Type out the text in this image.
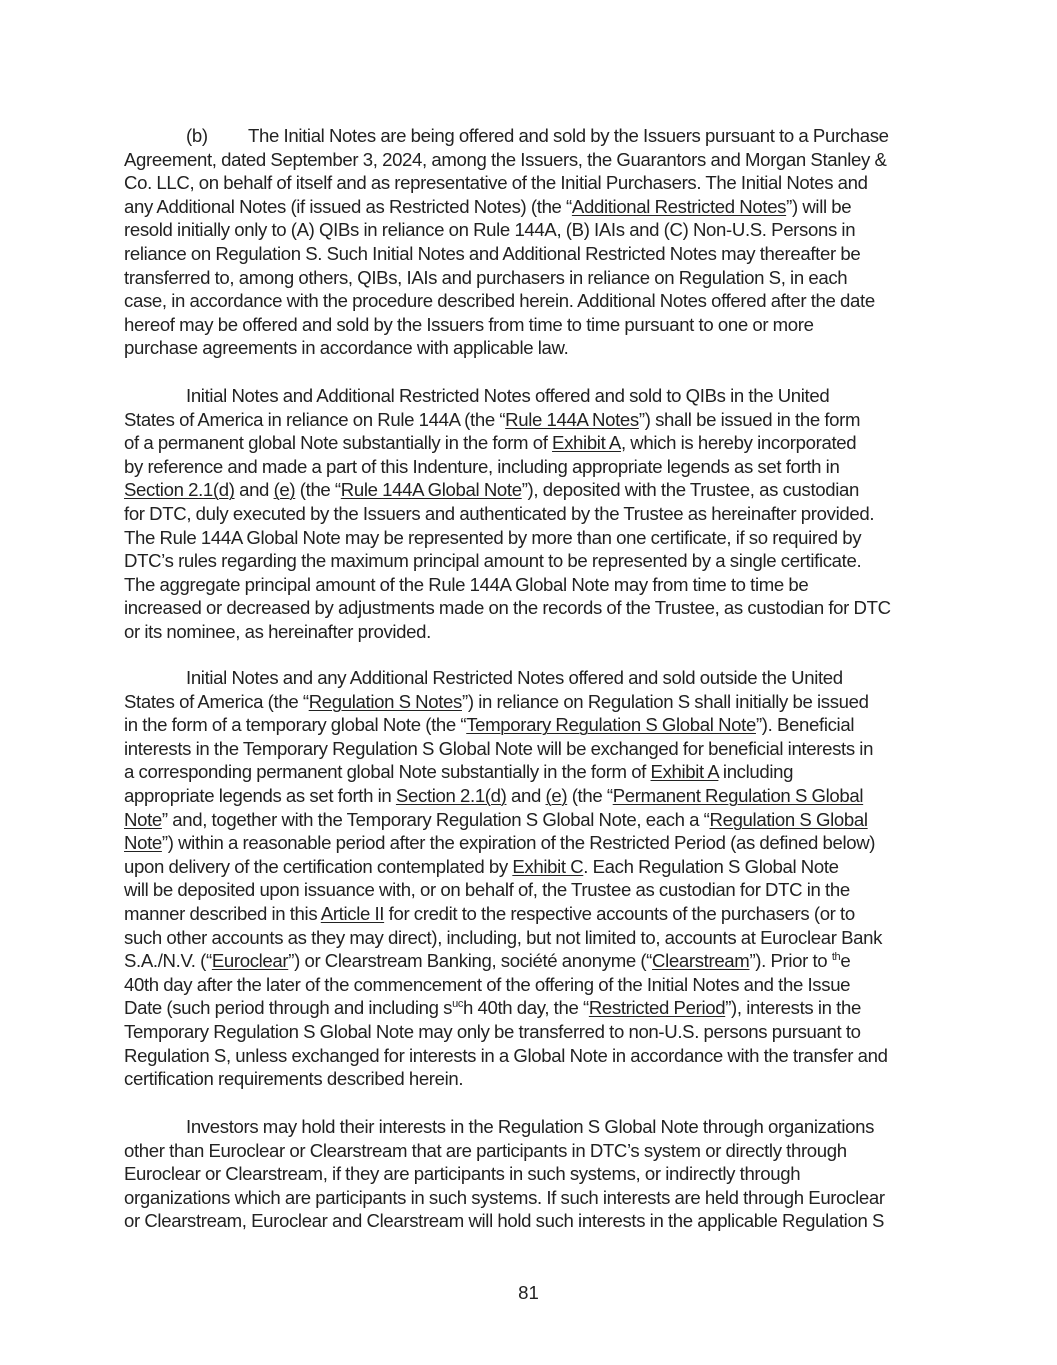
(b) The Initial Notes are being offered and sold by the Issuers pursuant to a Purchase
Agreement, dated September 3, 2024, among the Issuers, the Guarantors and Morgan Stanley &
Co. LLC, on behalf of itself and as representative of the Initial Purchasers. The Initial Notes and
any Additional Notes (if issued as Restricted Notes) (the “Additional Restricted Notes”) will be
resold initially only to (A) QIBs in reliance on Rule 144A, (B) IAIs and (C) Non-U.S. Persons in
reliance on Regulation S. Such Initial Notes and Additional Restricted Notes may thereafter be
transferred to, among others, QIBs, IAIs and purchasers in reliance on Regulation S, in each
case, in accordance with the procedure described herein. Additional Notes offered after the date
hereof may be offered and sold by the Issuers from time to time pursuant to one or more
purchase agreements in accordance with applicable law.
Initial Notes and Additional Restricted Notes offered and sold to QIBs in the United
States of America in reliance on Rule 144A (the “Rule 144A Notes”) shall be issued in the form
of a permanent global Note substantially in the form of Exhibit A, which is hereby incorporated
by reference and made a part of this Indenture, including appropriate legends as set forth in
Section 2.1(d) and (e) (the “Rule 144A Global Note”), deposited with the Trustee, as custodian
for DTC, duly executed by the Issuers and authenticated by the Trustee as hereinafter provided.
The Rule 144A Global Note may be represented by more than one certificate, if so required by
DTC’s rules regarding the maximum principal amount to be represented by a single certificate.
The aggregate principal amount of the Rule 144A Global Note may from time to time be
increased or decreased by adjustments made on the records of the Trustee, as custodian for DTC
or its nominee, as hereinafter provided.
Initial Notes and any Additional Restricted Notes offered and sold outside the United
States of America (the “Regulation S Notes”) in reliance on Regulation S shall initially be issued
in the form of a temporary global Note (the “Temporary Regulation S Global Note”). Beneficial
interests in the Temporary Regulation S Global Note will be exchanged for beneficial interests in
a corresponding permanent global Note substantially in the form of Exhibit A including
appropriate legends as set forth in Section 2.1(d) and (e) (the “Permanent Regulation S Global
Note” and, together with the Temporary Regulation S Global Note, each a “Regulation S Global
Note”) within a reasonable period after the expiration of the Restricted Period (as defined below)
upon delivery of the certification contemplated by Exhibit C. Each Regulation S Global Note
will be deposited upon issuance with, or on behalf of, the Trustee as custodian for DTC in the
manner described in this Article II for credit to the respective accounts of the purchasers (or to
such other accounts as they may direct), including, but not limited to, accounts at Euroclear Bank
S.A./N.V. (“Euroclear”) or Clearstream Banking, société anonyme (“Clearstream”). Prior to $^{th}$e
40th day after the later of the commencement of the offering of the Initial Notes and the Issue
Date (such period through and including $s^{uc}h$ 40th day, the “Restricted Period”), interests in the
Temporary Regulation S Global Note may only be transferred to non-U.S. persons pursuant to
Regulation S, unless exchanged for interests in a Global Note in accordance with the transfer and
certification requirements described herein.
Investors may hold their interests in the Regulation S Global Note through organizations
other than Euroclear or Clearstream that are participants in DTC’s system or directly through
Euroclear or Clearstream, if they are participants in such systems, or indirectly through
organizations which are participants in such systems. If such interests are held through Euroclear
or Clearstream, Euroclear and Clearstream will hold such interests in the applicable Regulation S
81
